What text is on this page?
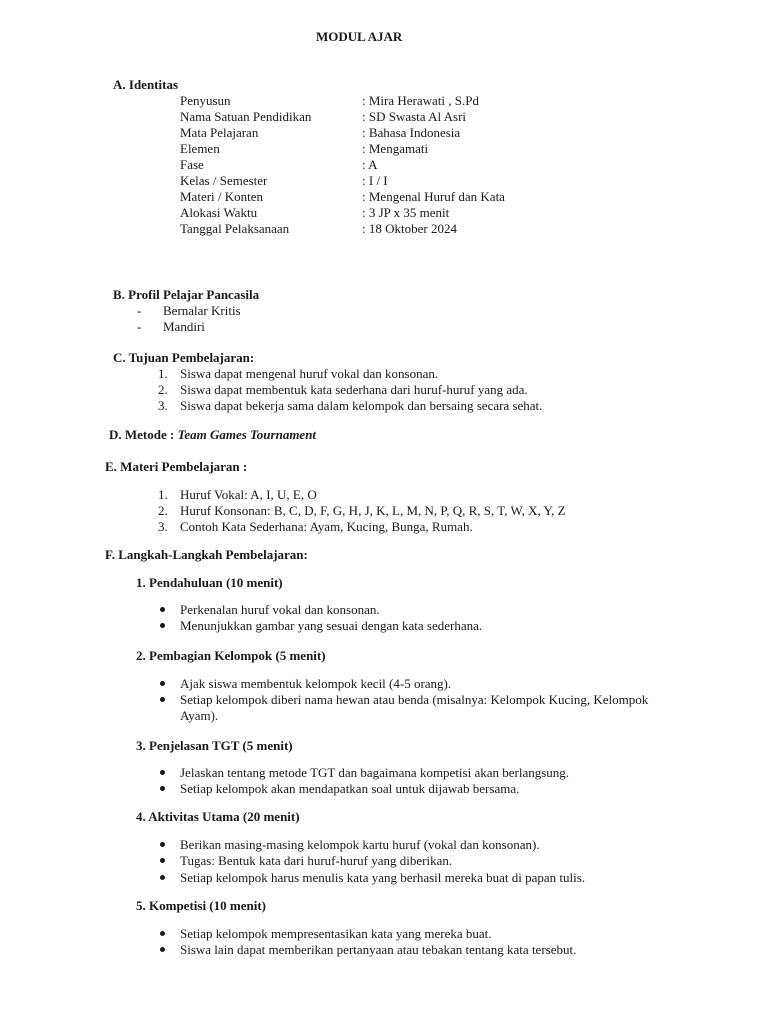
MODUL AJAR
A. Identitas
Penyusun	: Mira Herawati , S.Pd
Nama Satuan Pendidikan	: SD Swasta Al Asri
Mata Pelajaran	: Bahasa Indonesia
Elemen	: Mengamati
Fase	: A
Kelas / Semester	: I / I
Materi / Konten	: Mengenal Huruf dan Kata
Alokasi Waktu	: 3 JP x 35 menit
Tanggal Pelaksanaan	: 18 Oktober 2024
B. Profil Pelajar Pancasila
- Bernalar Kritis
- Mandiri
C. Tujuan Pembelajaran:
1. Siswa dapat mengenal huruf vokal dan konsonan.
2. Siswa dapat membentuk kata sederhana dari huruf-huruf yang ada.
3. Siswa dapat bekerja sama dalam kelompok dan bersaing secara sehat.
D. Metode : Team Games Tournament
E. Materi Pembelajaran :
1. Huruf Vokal: A, I, U, E, O
2. Huruf Konsonan: B, C, D, F, G, H, J, K, L, M, N, P, Q, R, S, T, W, X, Y, Z
3. Contoh Kata Sederhana: Ayam, Kucing, Bunga, Rumah.
F. Langkah-Langkah Pembelajaran:
1. Pendahuluan (10 menit)
Perkenalan huruf vokal dan konsonan.
Menunjukkan gambar yang sesuai dengan kata sederhana.
2. Pembagian Kelompok (5 menit)
Ajak siswa membentuk kelompok kecil (4-5 orang).
Setiap kelompok diberi nama hewan atau benda (misalnya: Kelompok Kucing, Kelompok
Ayam).
3. Penjelasan TGT (5 menit)
Jelaskan tentang metode TGT dan bagaimana kompetisi akan berlangsung.
Setiap kelompok akan mendapatkan soal untuk dijawab bersama.
4. Aktivitas Utama (20 menit)
Berikan masing-masing kelompok kartu huruf (vokal dan konsonan).
Tugas: Bentuk kata dari huruf-huruf yang diberikan.
Setiap kelompok harus menulis kata yang berhasil mereka buat di papan tulis.
5. Kompetisi (10 menit)
Setiap kelompok mempresentasikan kata yang mereka buat.
Siswa lain dapat memberikan pertanyaan atau tebakan tentang kata tersebut.
